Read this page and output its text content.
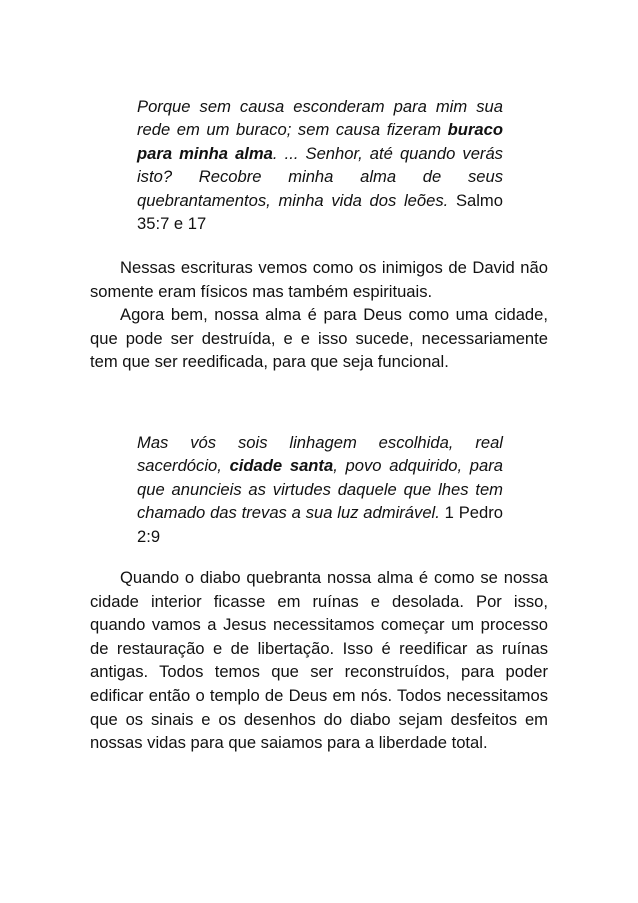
Porque sem causa esconderam para mim sua rede em um buraco; sem causa fizeram buraco para minha alma. ... Senhor, até quando verás isto? Recobre minha alma de seus quebrantamentos, minha vida dos leões. Salmo 35:7 e 17

Nessas escrituras vemos como os inimigos de David não somente eram físicos mas também espirituais.

Agora bem, nossa alma é para Deus como uma cidade, que pode ser destruída, e e isso sucede, necessariamente tem que ser reedificada, para que seja funcional.

Mas vós sois linhagem escolhida, real sacerdócio, cidade santa, povo adquirido, para que anuncieis as virtudes daquele que lhes tem chamado das trevas a sua luz admirável. 1 Pedro 2:9

Quando o diabo quebranta nossa alma é como se nossa cidade interior ficasse em ruínas e desolada. Por isso, quando vamos a Jesus necessitamos começar um processo de restauração e de libertação. Isso é reedificar as ruínas antigas. Todos temos que ser reconstruídos, para poder edificar então o templo de Deus em nós. Todos necessitamos que os sinais e os desenhos do diabo sejam desfeitos em nossas vidas para que saiamos para a liberdade total.
